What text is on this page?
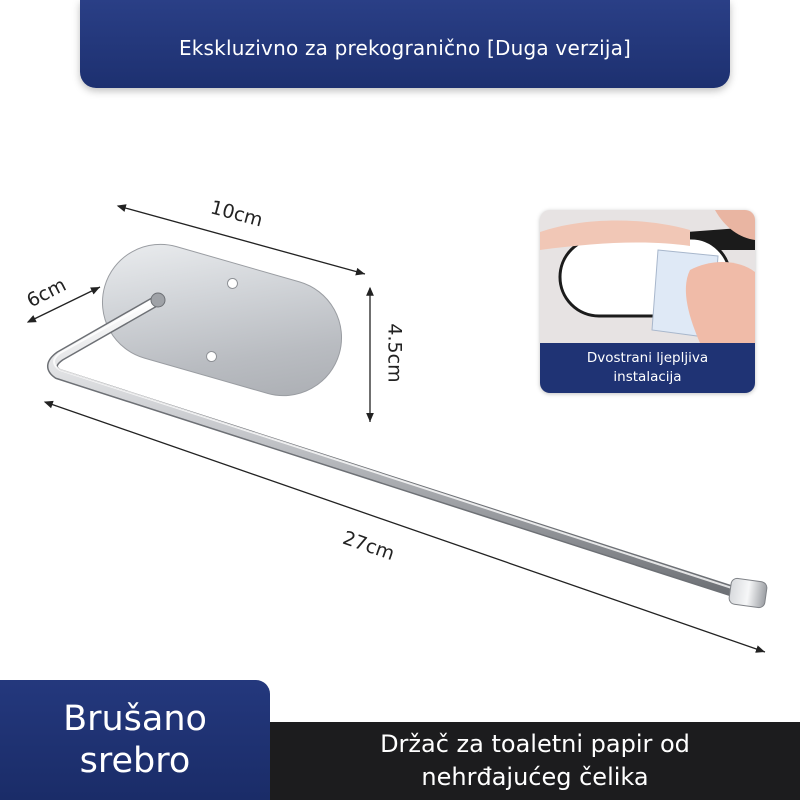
Ekskluzivno za prekogranično [Duga verzija]
10cm
6cm
4.5cm
27cm
Dvostrani ljepljiva
instalacija
Brušano
srebro	Držač za toaletni papir od
nehrđajućeg čelika
